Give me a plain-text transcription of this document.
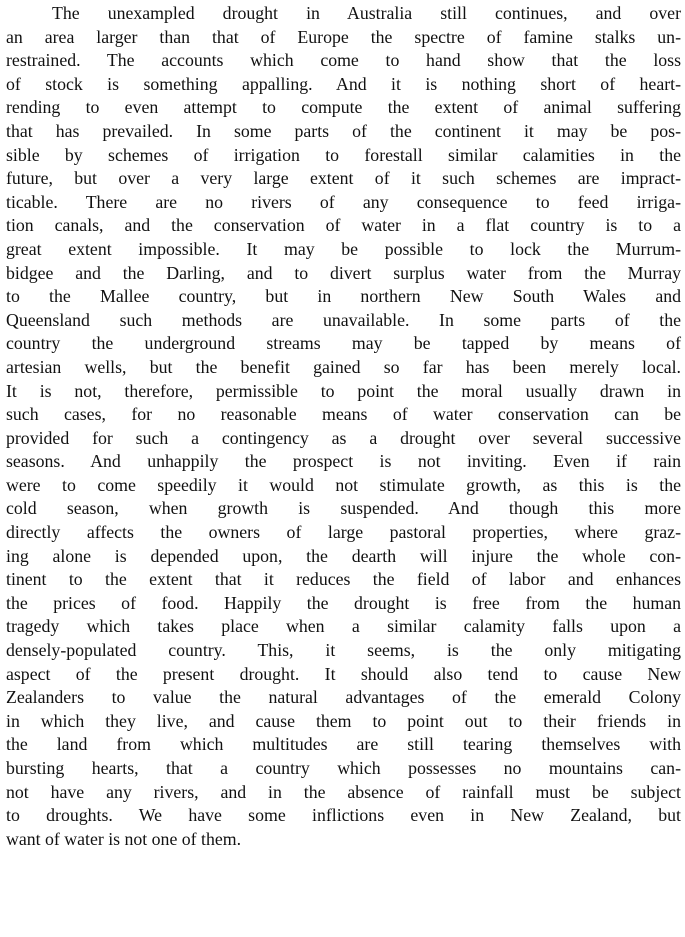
The unexampled drought in Australia still continues, and over
an area larger than that of Europe the spectre of famine stalks un-
restrained. The accounts which come to hand show that the loss
of stock is something appalling. And it is nothing short of heart-
rending to even attempt to compute the extent of animal suffering
that has prevailed. In some parts of the continent it may be pos-
sible by schemes of irrigation to forestall similar calamities in the
future, but over a very large extent of it such schemes are impract-
ticable. There are no rivers of any consequence to feed irriga-
tion canals, and the conservation of water in a flat country is to a
great extent impossible. It may be possible to lock the Murrum-
bidgee and the Darling, and to divert surplus water from the Murray
to the Mallee country, but in northern New South Wales and
Queensland such methods are unavailable. In some parts of the
country the underground streams may be tapped by means of
artesian wells, but the benefit gained so far has been merely local.
It is not, therefore, permissible to point the moral usually drawn in
such cases, for no reasonable means of water conservation can be
provided for such a contingency as a drought over several successive
seasons. And unhappily the prospect is not inviting. Even if rain
were to come speedily it would not stimulate growth, as this is the
cold season, when growth is suspended. And though this more
directly affects the owners of large pastoral properties, where graz-
ing alone is depended upon, the dearth will injure the whole con-
tinent to the extent that it reduces the field of labor and enhances
the prices of food. Happily the drought is free from the human
tragedy which takes place when a similar calamity falls upon a
densely-populated country. This, it seems, is the only mitigating
aspect of the present drought. It should also tend to cause New
Zealanders to value the natural advantages of the emerald Colony
in which they live, and cause them to point out to their friends in
the land from which multitudes are still tearing themselves with
bursting hearts, that a country which possesses no mountains can-
not have any rivers, and in the absence of rainfall must be subject
to droughts. We have some inflictions even in New Zealand, but
want of water is not one of them.
